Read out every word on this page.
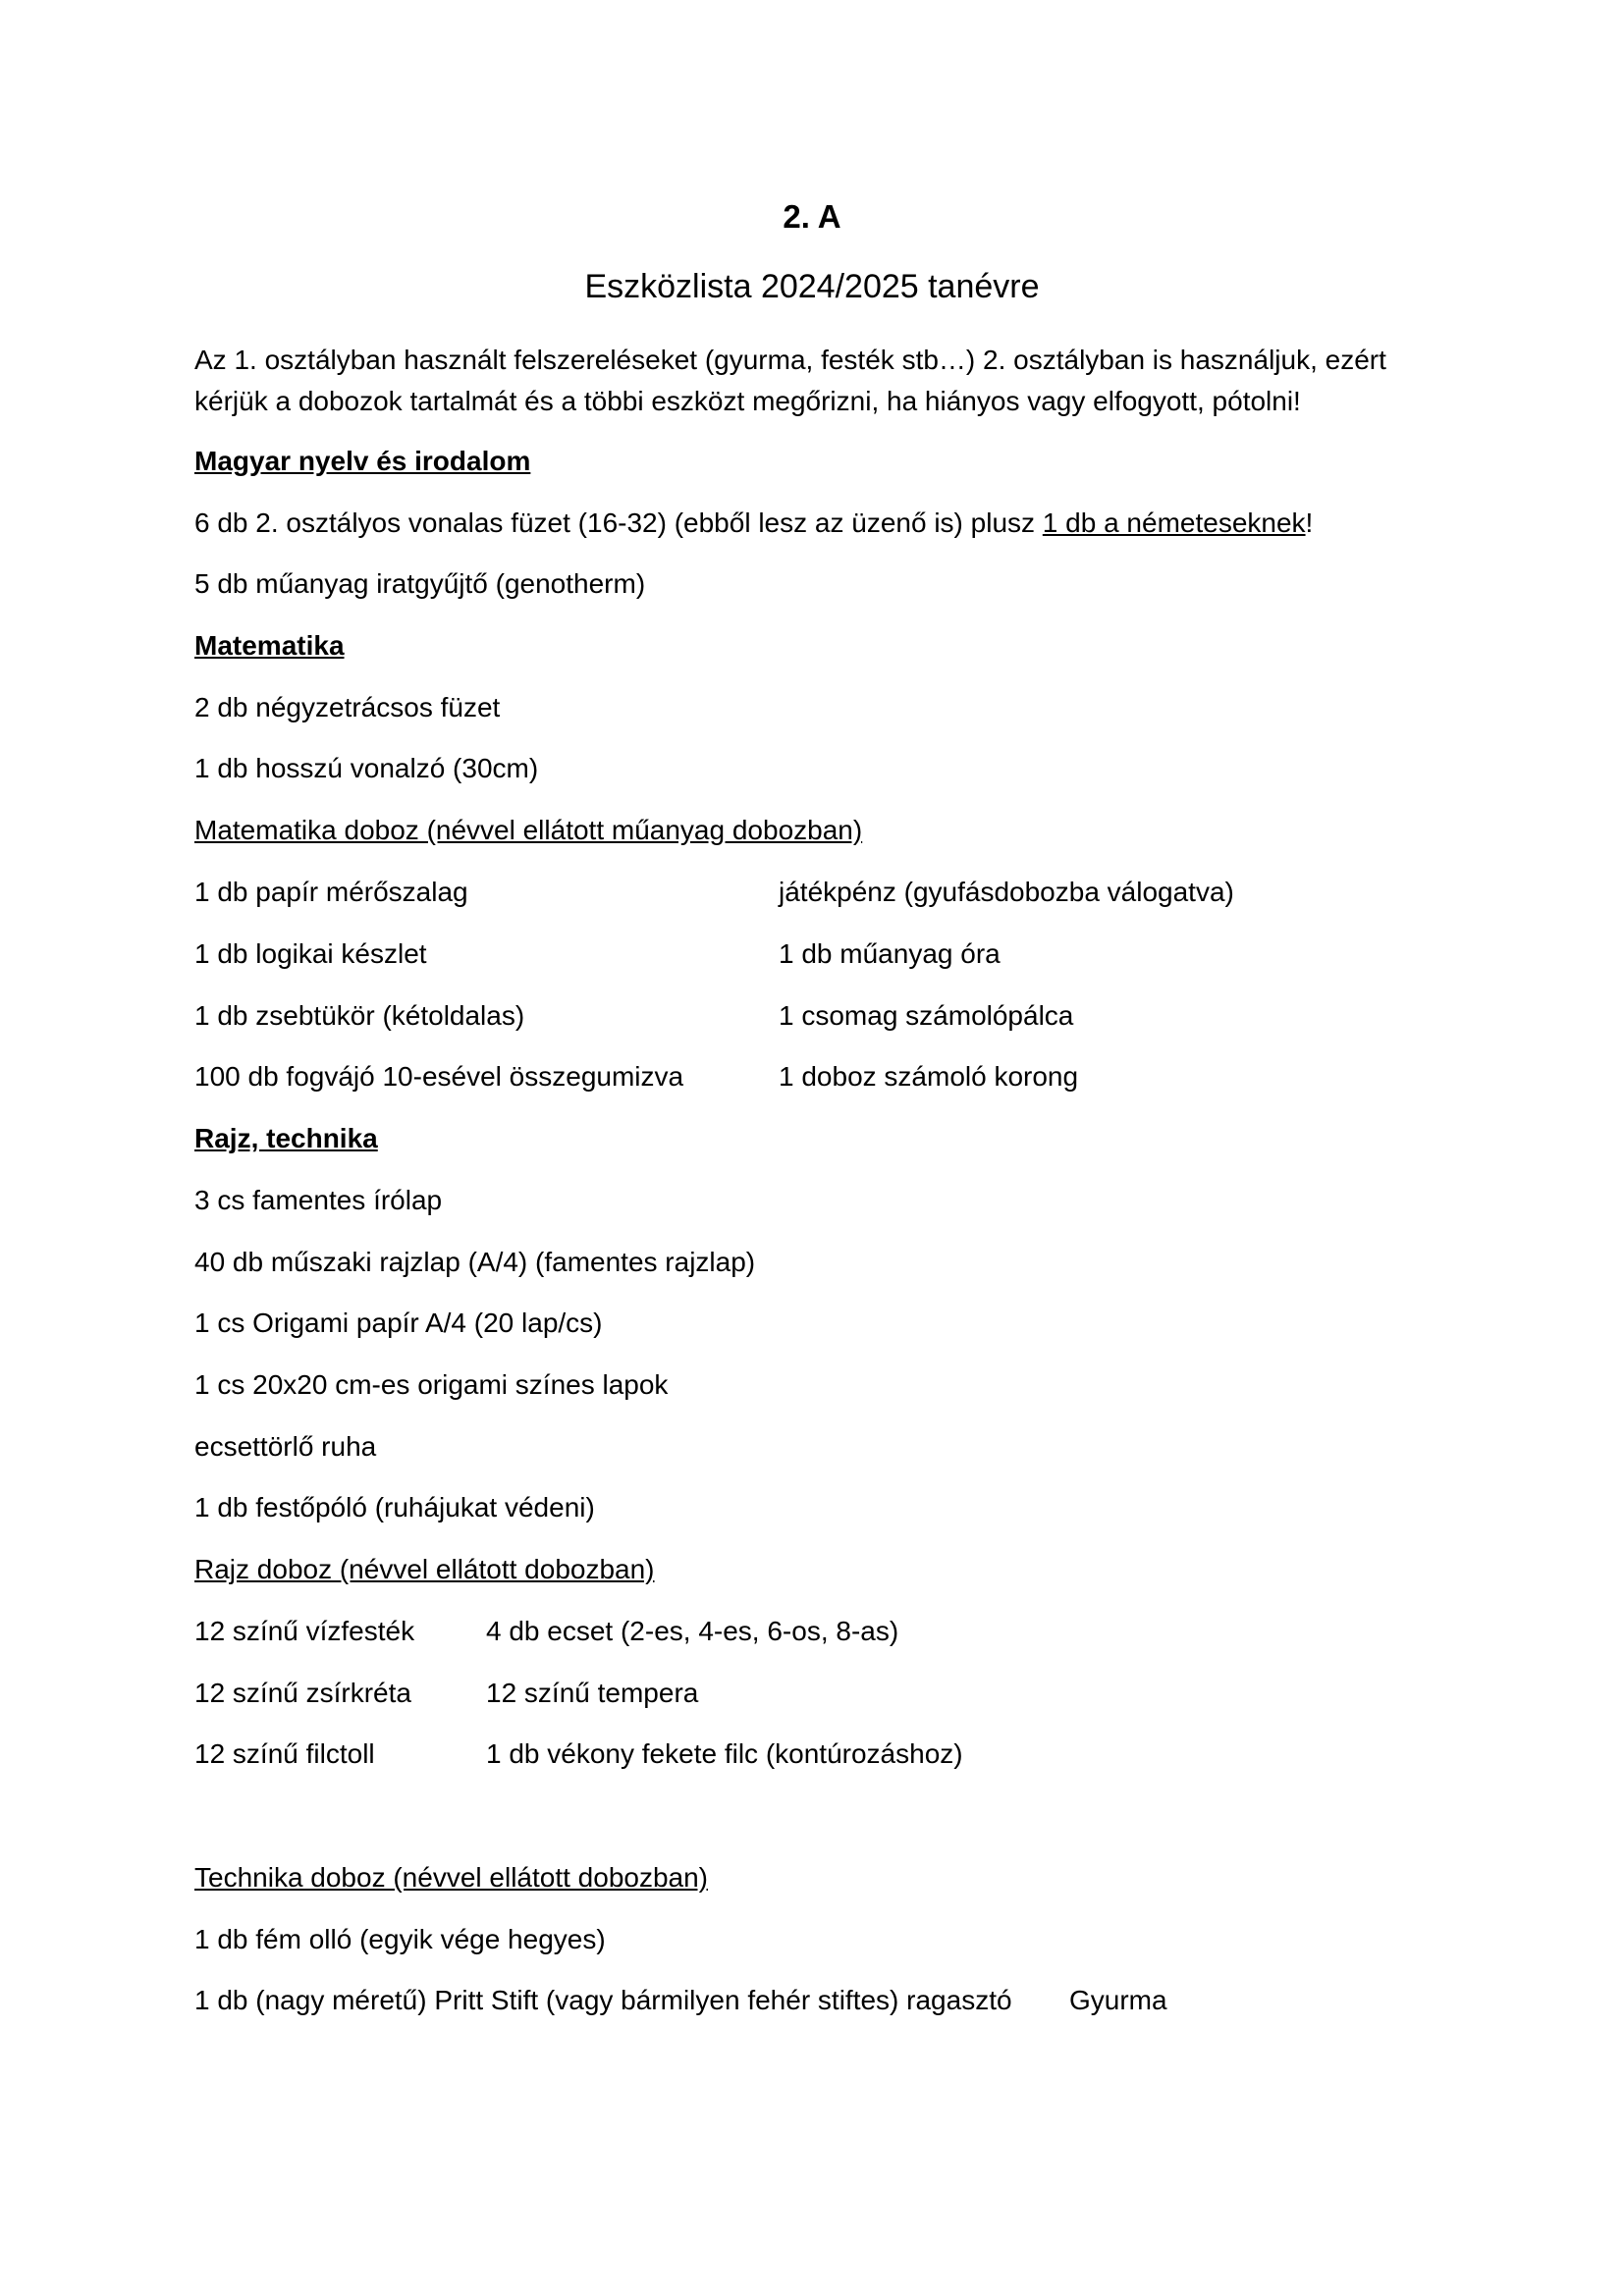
2. A
Eszközlista 2024/2025 tanévre
Az 1. osztályban használt felszereléseket (gyurma, festék stb…) 2. osztályban is használjuk, ezért
kérjük a dobozok tartalmát és a többi eszközt megőrizni, ha hiányos vagy elfogyott, pótolni!
Magyar nyelv és irodalom
6 db 2. osztályos vonalas füzet (16-32) (ebből lesz az üzenő is) plusz 1 db a németeseknek!
5 db műanyag iratgyűjtő (genotherm)
Matematika
2 db négyzetrácsos füzet
1 db hosszú vonalzó (30cm)
Matematika doboz (névvel ellátott műanyag dobozban)
1 db papír mérőszalag
1 db logikai készlet
1 db zsebtükör (kétoldalas)
100 db fogvájó 10-esével összegumizva
játékpénz (gyufásdobozba válogatva)
1 db műanyag óra
1 csomag számolópálca
1 doboz számoló korong
Rajz, technika
3 cs famentes írólap
40 db műszaki rajzlap (A/4) (famentes rajzlap)
1 cs Origami papír A/4 (20 lap/cs)
1 cs 20x20 cm-es origami színes lapok
ecsettörlő ruha
1 db festőpóló (ruhájukat védeni)
Rajz doboz (névvel ellátott dobozban)
12 színű vízfesték
12 színű zsírkréta
12 színű filctoll
4 db ecset (2-es, 4-es, 6-os, 8-as)
12 színű tempera
1 db vékony fekete filc (kontúrozáshoz)
Technika doboz (névvel ellátott dobozban)
1 db fém olló (egyik vége hegyes)
1 db (nagy méretű) Pritt Stift (vagy bármilyen fehér stiftes) ragasztó Gyurma
